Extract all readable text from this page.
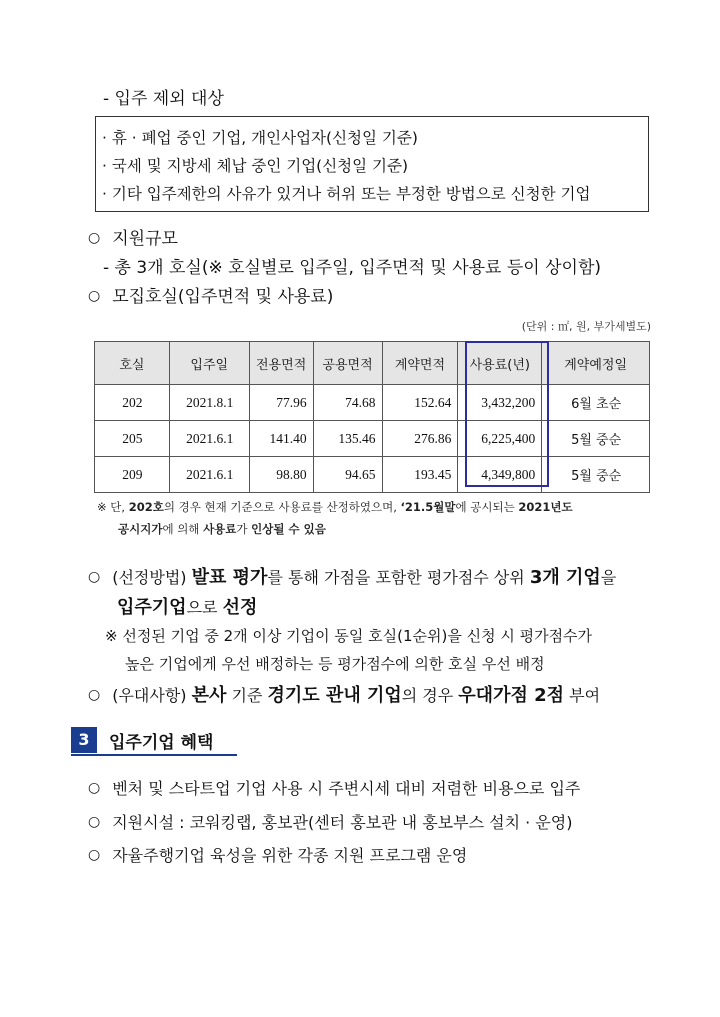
- 입주 제외 대상
· 휴 · 폐업 중인 기업, 개인사업자(신청일 기준)
· 국세 및 지방세 체납 중인 기업(신청일 기준)
· 기타 입주제한의 사유가 있거나 허위 또는 부정한 방법으로 신청한 기업
○ 지원규모
- 총 3개 호실(※ 호실별로 입주일, 입주면적 및 사용료 등이 상이함)
○ 모집호실(입주면적 및 사용료)
(단위 : ㎡, 원, 부가세별도)
호실	입주일	전용면적	공용면적	계약면적	사용료(년)	계약예정일
202	2021.8.1	77.96	74.68	152.64	3,432,200	6월 초순
205	2021.6.1	141.40	135.46	276.86	6,225,400	5월 중순
209	2021.6.1	98.80	94.65	193.45	4,349,800	5월 중순
※ 단, 202호의 경우 현재 기준으로 사용료를 산정하였으며, ‘21.5월말에 공시되는 2021년도
공시지가에 의해 사용료가 인상될 수 있음
○ (선정방법) 발표 평가를 통해 가점을 포함한 평가점수 상위 3개 기업을
입주기업으로 선정
※ 선정된 기업 중 2개 이상 기업이 동일 호실(1순위)을 신청 시 평가점수가
높은 기업에게 우선 배정하는 등 평가점수에 의한 호실 우선 배정
○ (우대사항) 본사 기준 경기도 관내 기업의 경우 우대가점 2점 부여
3	입주기업 혜택
○ 벤처 및 스타트업 기업 사용 시 주변시세 대비 저렴한 비용으로 입주
○ 지원시설 : 코워킹랩, 홍보관(센터 홍보관 내 홍보부스 설치 · 운영)
○ 자율주행기업 육성을 위한 각종 지원 프로그램 운영
